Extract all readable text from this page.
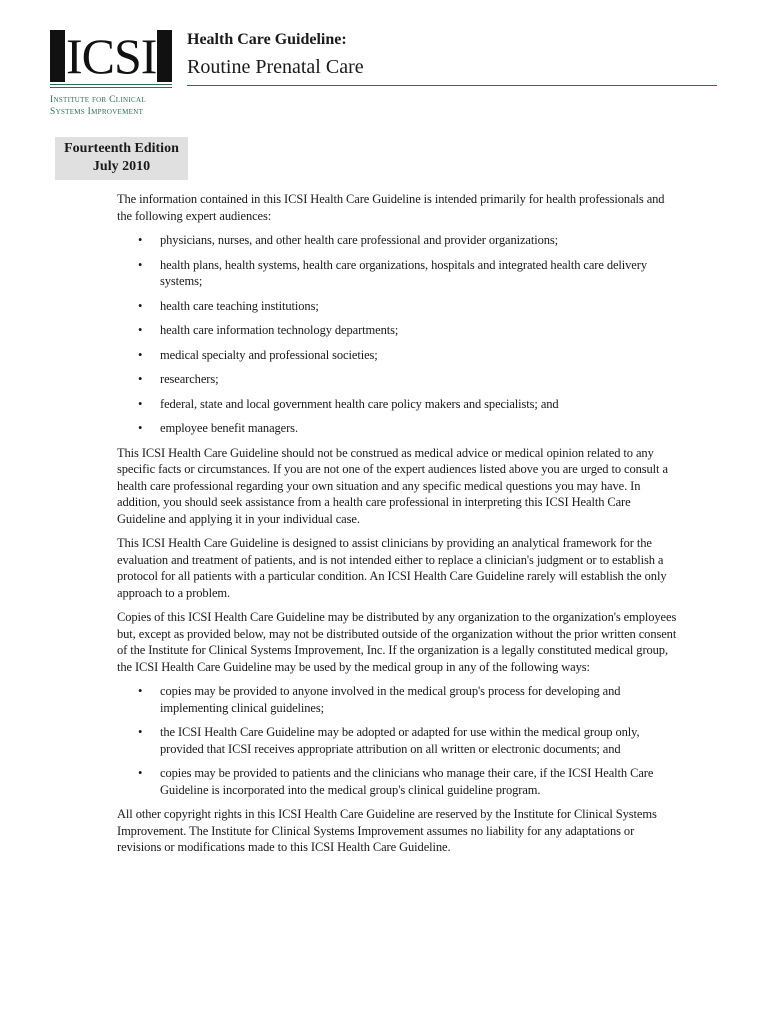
ICSI
Institute for Clinical
Systems Improvement
Health Care Guideline:
Routine Prenatal Care
Fourteenth Edition
July 2010

The information contained in this ICSI Health Care Guideline is intended primarily for health professionals and the following expert audiences:

• physicians, nurses, and other health care professional and provider organizations;
• health plans, health systems, health care organizations, hospitals and integrated health care delivery systems;
• health care teaching institutions;
• health care information technology departments;
• medical specialty and professional societies;
• researchers;
• federal, state and local government health care policy makers and specialists; and
• employee benefit managers.

This ICSI Health Care Guideline should not be construed as medical advice or medical opinion related to any specific facts or circumstances. If you are not one of the expert audiences listed above you are urged to consult a health care professional regarding your own situation and any specific medical questions you may have. In addition, you should seek assistance from a health care professional in interpreting this ICSI Health Care Guideline and applying it in your individual case.

This ICSI Health Care Guideline is designed to assist clinicians by providing an analytical framework for the evaluation and treatment of patients, and is not intended either to replace a clinician's judgment or to establish a protocol for all patients with a particular condition. An ICSI Health Care Guideline rarely will establish the only approach to a problem.

Copies of this ICSI Health Care Guideline may be distributed by any organization to the organization's employees but, except as provided below, may not be distributed outside of the organization without the prior written consent of the Institute for Clinical Systems Improvement, Inc. If the organization is a legally constituted medical group, the ICSI Health Care Guideline may be used by the medical group in any of the following ways:

• copies may be provided to anyone involved in the medical group's process for developing and implementing clinical guidelines;
• the ICSI Health Care Guideline may be adopted or adapted for use within the medical group only, provided that ICSI receives appropriate attribution on all written or electronic documents; and
• copies may be provided to patients and the clinicians who manage their care, if the ICSI Health Care Guideline is incorporated into the medical group's clinical guideline program.

All other copyright rights in this ICSI Health Care Guideline are reserved by the Institute for Clinical Systems Improvement. The Institute for Clinical Systems Improvement assumes no liability for any adaptations or revisions or modifications made to this ICSI Health Care Guideline.
